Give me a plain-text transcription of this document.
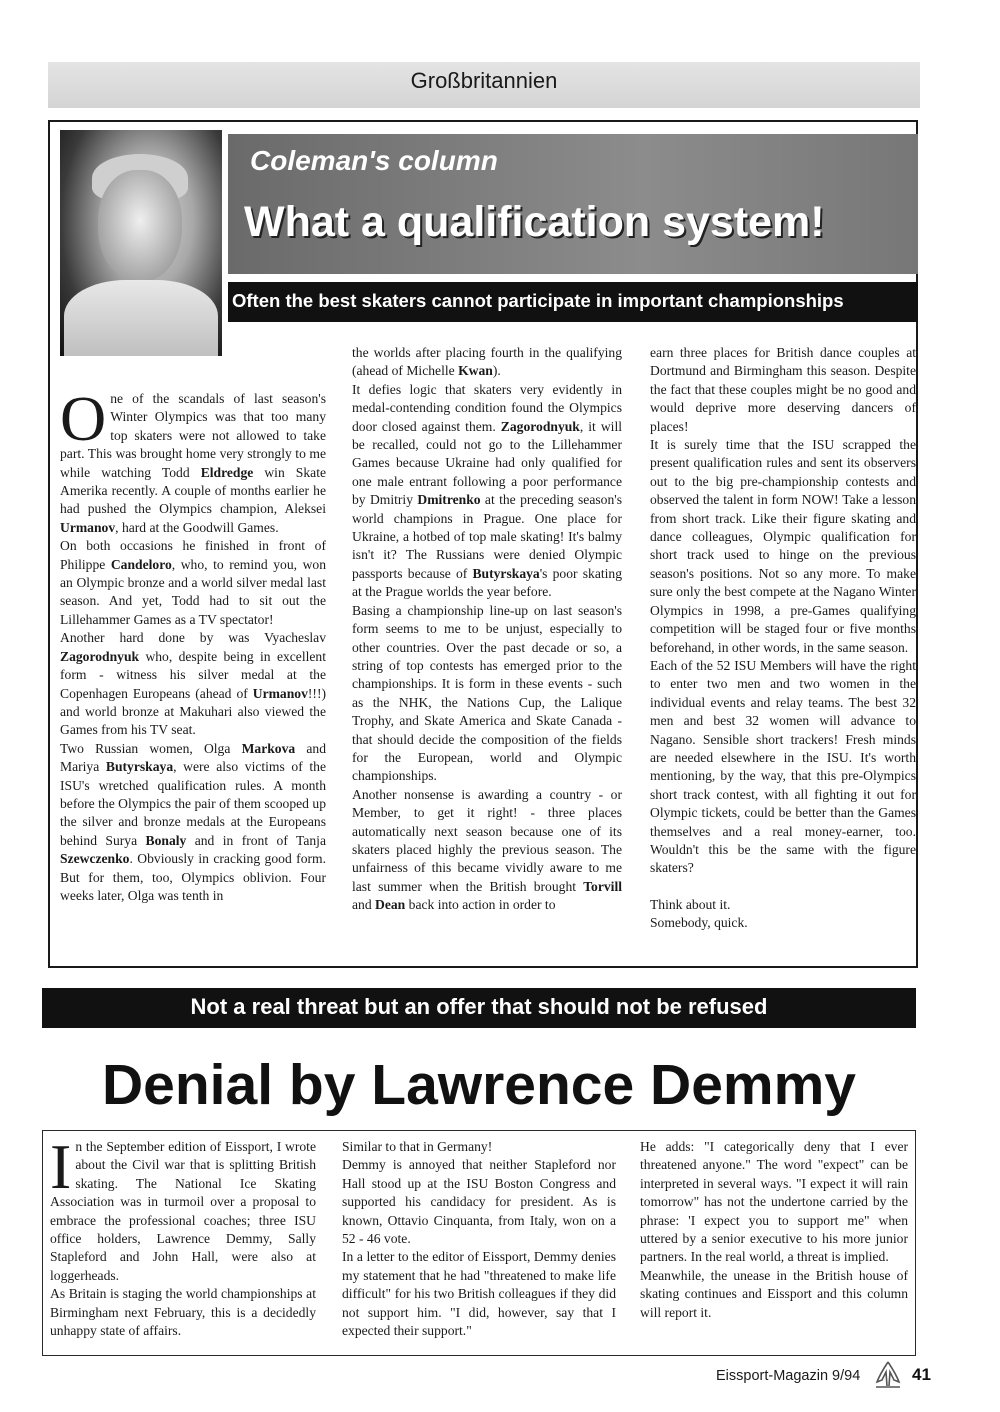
Großbritannien
Coleman's column
What a qualification system!
Often the best skaters cannot participate in important championships

One of the scandals of last season's Winter Olympics was that too many top skaters were not allowed to take part. This was brought home very strongly to me while watching Todd Eldredge win Skate Amerika recently. A couple of months earlier he had pushed the Olympics champion, Aleksei Urmanov, hard at the Goodwill Games.

On both occasions he finished in front of Philippe Candeloro, who, to remind you, won an Olympic bronze and a world silver medal last season. And yet, Todd had to sit out the Lillehammer Games as a TV spectator!

Another hard done by was Vyacheslav Zagorodnyuk who, despite being in excellent form - witness his silver medal at the Copenhagen Europeans (ahead of Urmanov!!!) and world bronze at Makuhari also viewed the Games from his TV seat.

Two Russian women, Olga Markova and Mariya Butyrskaya, were also victims of the ISU's wretched qualification rules. A month before the Olympics the pair of them scooped up the silver and bronze medals at the Europeans behind Surya Bonaly and in front of Tanja Szewczenko. Obviously in cracking good form. But for them, too, Olympics oblivion. Four weeks later, Olga was tenth in

the worlds after placing fourth in the qualifying (ahead of Michelle Kwan).

It defies logic that skaters very evidently in medal-contending condition found the Olympics door closed against them. Zagorodnyuk, it will be recalled, could not go to the Lillehammer Games because Ukraine had only qualified for one male entrant following a poor performance by Dmitriy Dmitrenko at the preceding season's world champions in Prague. One place for Ukraine, a hotbed of top male skating! It's balmy isn't it? The Russians were denied Olympic passports because of Butyrskaya's poor skating at the Prague worlds the year before.

Basing a championship line-up on last season's form seems to me to be unjust, especially to other countries. Over the past decade or so, a string of top contests has emerged prior to the championships. It is form in these events - such as the NHK, the Nations Cup, the Lalique Trophy, and Skate America and Skate Canada - that should decide the composition of the fields for the European, world and Olympic championships.

Another nonsense is awarding a country - or Member, to get it right! - three places automatically next season because one of its skaters placed highly the previous season. The unfairness of this became vividly aware to me last summer when the British brought Torvill and Dean back into action in order to

earn three places for British dance couples at Dortmund and Birmingham this season. Despite the fact that these couples might be no good and would deprive more deserving dancers of places!

It is surely time that the ISU scrapped the present qualification rules and sent its observers out to the big pre-championship contests and observed the talent in form NOW! Take a lesson from short track. Like their figure skating and dance colleagues, Olympic qualification for short track used to hinge on the previous season's positions. Not so any more. To make sure only the best compete at the Nagano Winter Olympics in 1998, a pre-Games qualifying competition will be staged four or five months beforehand, in other words, in the same season.

Each of the 52 ISU Members will have the right to enter two men and two women in the individual events and relay teams. The best 32 men and best 32 women will advance to Nagano. Sensible short trackers! Fresh minds are needed elsewhere in the ISU. It's worth mentioning, by the way, that this pre-Olympics short track contest, with all fighting it out for Olympic tickets, could be better than the Games themselves and a real money-earner, too. Wouldn't this be the same with the figure skaters?

Think about it.

Somebody, quick.

Not a real threat but an offer that should not be refused
Denial by Lawrence Demmy

In the September edition of Eissport, I wrote about the Civil war that is splitting British skating. The National Ice Skating Association was in turmoil over a proposal to embrace the professional coaches; three ISU office holders, Lawrence Demmy, Sally Stapleford and John Hall, were also at loggerheads.

As Britain is staging the world championships at Birmingham next February, this is a decidedly unhappy state of affairs.

Similar to that in Germany!

Demmy is annoyed that neither Stapleford nor Hall stood up at the ISU Boston Congress and supported his candidacy for president. As is known, Ottavio Cinquanta, from Italy, won on a 52 - 46 vote.

In a letter to the editor of Eissport, Demmy denies my statement that he had "threatened to make life difficult" for his two British colleagues if they did not support him. "I did, however, say that I expected their support."

He adds: "I categorically deny that I ever threatened anyone." The word "expect" can be interpreted in several ways. "I expect it will rain tomorrow" has not the undertone carried by the phrase: 'I expect you to support me" when uttered by a senior executive to his more junior partners. In the real world, a threat is implied.

Meanwhile, the unease in the British house of skating continues and Eissport and this column will report it.

Eissport-Magazin 9/94	41
